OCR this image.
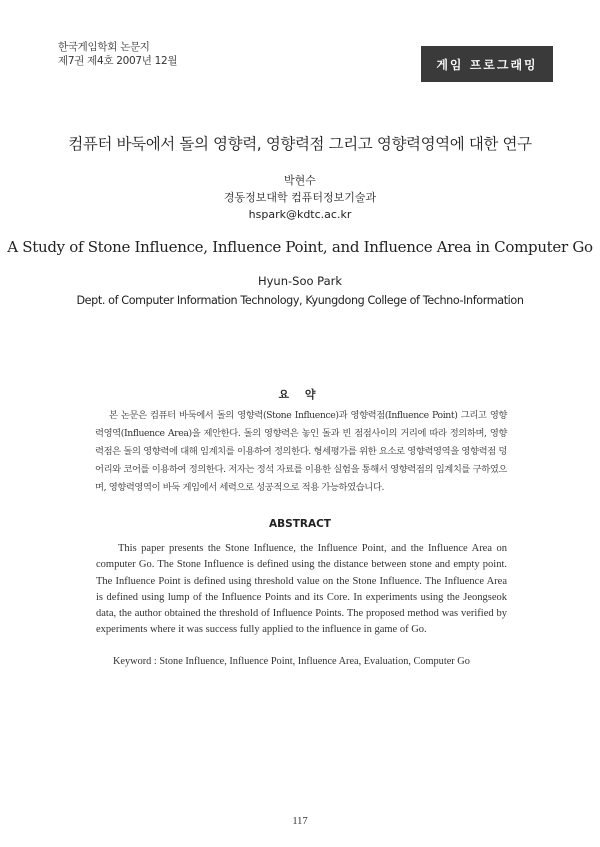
한국게임학회 논문지
제7권 제4호 2007년 12월	게임 프로그래밍
컴퓨터 바둑에서 돌의 영향력, 영향력점 그리고 영향력영역에 대한 연구
박현수
경동정보대학 컴퓨터정보기술과
hspark@kdtc.ac.kr
A Study of Stone Influence, Influence Point, and Influence Area in Computer Go
Hyun-Soo Park
Dept. of Computer Information Technology, Kyungdong College of Techno-Information
요 약
본 논문은 컴퓨터 바둑에서 돌의 영향력(Stone Influence)과 영향력점(Influence Point) 그리고 영향력영역(Influence Area)을 제안한다. 돌의 영향력은 놓인 돌과 빈 점점사이의 거리에 따라 정의하며, 영향력점은 돌의 영향력에 대해 임계치를 이용하여 정의한다. 형세평가를 위한 요소로 영향력영역을 영향력점 덩어리와 코어를 이용하여 정의한다. 저자는 정석 자료를 이용한 실험을 통해서 영향력점의 임계치를 구하였으며, 영향력영역이 바둑 게임에서 세력으로 성공적으로 적용 가능하였습니다.
ABSTRACT
This paper presents the Stone Influence, the Influence Point, and the Influence Area on computer Go. The Stone Influence is defined using the distance between stone and empty point. The Influence Point is defined using threshold value on the Stone Influence. The Influence Area is defined using lump of the Influence Points and its Core. In experiments using the Jeongseok data, the author obtained the threshold of Influence Points. The proposed method was verified by experiments where it was success fully applied to the influence in game of Go.
Keyword : Stone Influence, Influence Point, Influence Area, Evaluation, Computer Go
117
